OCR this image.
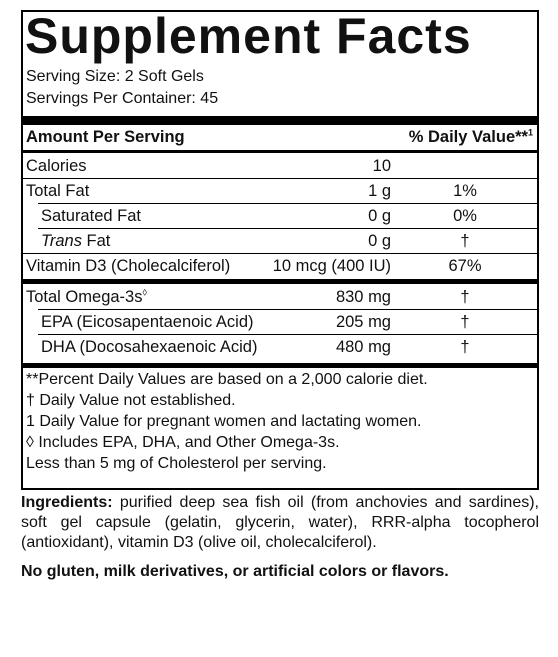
Supplement Facts
Serving Size: 2 Soft Gels
Servings Per Container: 45
Amount Per Serving	% Daily Value**$^1$
Calories	10
Total Fat	1 g	1%
Saturated Fat	0 g	0%
Trans Fat	0 g	†
Vitamin D3 (Cholecalciferol)	10 mcg (400 IU)	67%
Total Omega-3s◊	830 mg	†
EPA (Eicosapentaenoic Acid)	205 mg	†
DHA (Docosahexaenoic Acid)	480 mg	†
**Percent Daily Values are based on a 2,000 calorie diet.
† Daily Value not established.
1 Daily Value for pregnant women and lactating women.
◊ Includes EPA, DHA, and Other Omega-3s.
Less than 5 mg of Cholesterol per serving.
Ingredients: purified deep sea fish oil (from anchovies and sardines), soft gel capsule (gelatin, glycerin, water), RRR-alpha tocopherol (antioxidant), vitamin D3 (olive oil, cholecalciferol).
No gluten, milk derivatives, or artificial colors or flavors.
